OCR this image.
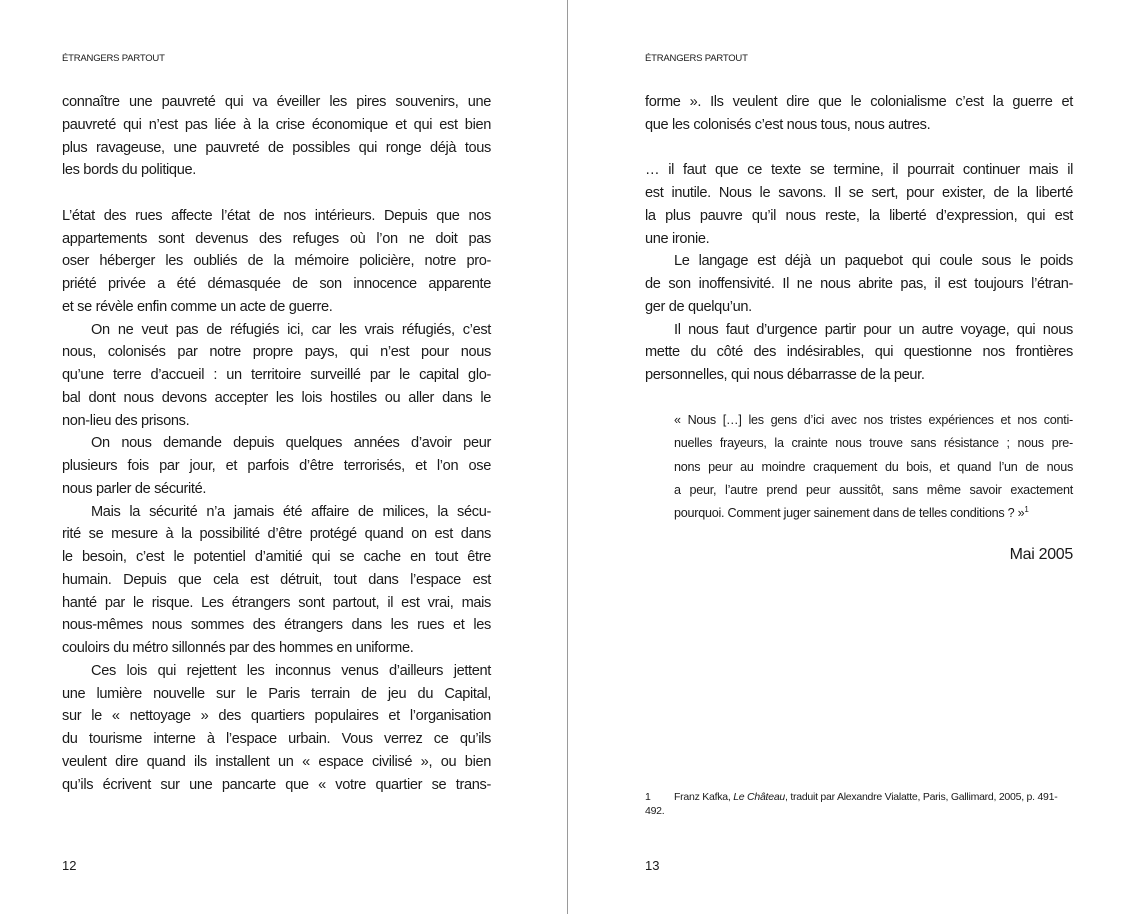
ÉTRANGERS PARTOUT
connaître une pauvreté qui va éveiller les pires souvenirs, une
pauvreté qui n’est pas liée à la crise économique et qui est bien
plus ravageuse, une pauvreté de possibles qui ronge déjà tous
les bords du politique.
L’état des rues affecte l’état de nos intérieurs. Depuis que nos
appartements sont devenus des refuges où l’on ne doit pas
oser héberger les oubliés de la mémoire policière, notre pro-
priété privée a été démasquée de son innocence apparente
et se révèle enfin comme un acte de guerre.
On ne veut pas de réfugiés ici, car les vrais réfugiés, c’est
nous, colonisés par notre propre pays, qui n’est pour nous
qu’une terre d’accueil : un territoire surveillé par le capital glo-
bal dont nous devons accepter les lois hostiles ou aller dans le
non-lieu des prisons.
On nous demande depuis quelques années d’avoir peur
plusieurs fois par jour, et parfois d’être terrorisés, et l’on ose
nous parler de sécurité.
Mais la sécurité n’a jamais été affaire de milices, la sécu-
rité se mesure à la possibilité d’être protégé quand on est dans
le besoin, c’est le potentiel d’amitié qui se cache en tout être
humain. Depuis que cela est détruit, tout dans l’espace est
hanté par le risque. Les étrangers sont partout, il est vrai, mais
nous-mêmes nous sommes des étrangers dans les rues et les
couloirs du métro sillonnés par des hommes en uniforme.
Ces lois qui rejettent les inconnus venus d’ailleurs jettent
une lumière nouvelle sur le Paris terrain de jeu du Capital,
sur le « nettoyage » des quartiers populaires et l’organisation
du tourisme interne à l’espace urbain. Vous verrez ce qu’ils
veulent dire quand ils installent un « espace civilisé », ou bien
qu’ils écrivent sur une pancarte que « votre quartier se trans-
12
ÉTRANGERS PARTOUT
forme ». Ils veulent dire que le colonialisme c’est la guerre et
que les colonisés c’est nous tous, nous autres.
… il faut que ce texte se termine, il pourrait continuer mais il
est inutile. Nous le savons. Il se sert, pour exister, de la liberté
la plus pauvre qu’il nous reste, la liberté d’expression, qui est
une ironie.
Le langage est déjà un paquebot qui coule sous le poids
de son inoffensivité. Il ne nous abrite pas, il est toujours l’étran-
ger de quelqu’un.
Il nous faut d’urgence partir pour un autre voyage, qui nous
mette du côté des indésirables, qui questionne nos frontières
personnelles, qui nous débarrasse de la peur.
« Nous […] les gens d’ici avec nos tristes expériences et nos conti-
nuelles frayeurs, la crainte nous trouve sans résistance ; nous pre-
nons peur au moindre craquement du bois, et quand l’un de nous
a peur, l’autre prend peur aussitôt, sans même savoir exactement
pourquoi. Comment juger sainement dans de telles conditions ? »$^1$
Mai 2005
1 Franz Kafka, Le Château, traduit par Alexandre Vialatte, Paris, Gallimard, 2005, p. 491-492.
13
